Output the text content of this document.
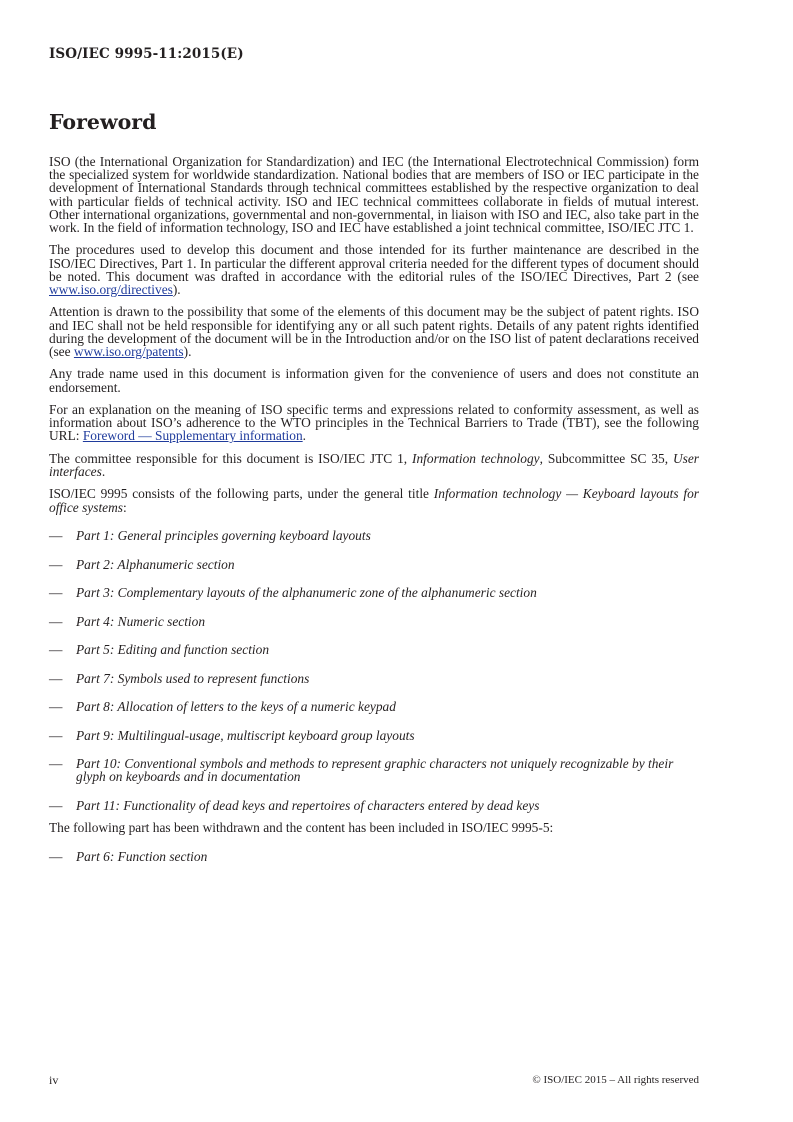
ISO/IEC 9995-11:2015(E)
Foreword

ISO (the International Organization for Standardization) and IEC (the International Electrotechnical Commission) form the specialized system for worldwide standardization. National bodies that are members of ISO or IEC participate in the development of International Standards through technical committees established by the respective organization to deal with particular fields of technical activity. ISO and IEC technical committees collaborate in fields of mutual interest. Other international organizations, governmental and non-governmental, in liaison with ISO and IEC, also take part in the work. In the field of information technology, ISO and IEC have established a joint technical committee, ISO/IEC JTC 1.

The procedures used to develop this document and those intended for its further maintenance are described in the ISO/IEC Directives, Part 1. In particular the different approval criteria needed for the different types of document should be noted. This document was drafted in accordance with the editorial rules of the ISO/IEC Directives, Part 2 (see www.iso.org/directives).

Attention is drawn to the possibility that some of the elements of this document may be the subject of patent rights. ISO and IEC shall not be held responsible for identifying any or all such patent rights. Details of any patent rights identified during the development of the document will be in the Introduction and/or on the ISO list of patent declarations received (see www.iso.org/patents).

Any trade name used in this document is information given for the convenience of users and does not constitute an endorsement.

For an explanation on the meaning of ISO specific terms and expressions related to conformity assessment, as well as information about ISO’s adherence to the WTO principles in the Technical Barriers to Trade (TBT), see the following URL: Foreword — Supplementary information.

The committee responsible for this document is ISO/IEC JTC 1, Information technology, Subcommittee SC 35, User interfaces.

ISO/IEC 9995 consists of the following parts, under the general title Information technology — Keyboard layouts for office systems:

— Part 1: General principles governing keyboard layouts
— Part 2: Alphanumeric section
— Part 3: Complementary layouts of the alphanumeric zone of the alphanumeric section
— Part 4: Numeric section
— Part 5: Editing and function section
— Part 7: Symbols used to represent functions
— Part 8: Allocation of letters to the keys of a numeric keypad
— Part 9: Multilingual-usage, multiscript keyboard group layouts
— Part 10: Conventional symbols and methods to represent graphic characters not uniquely recognizable by their glyph on keyboards and in documentation
— Part 11: Functionality of dead keys and repertoires of characters entered by dead keys

The following part has been withdrawn and the content has been included in ISO/IEC 9995-5:

— Part 6: Function section
iv	© ISO/IEC 2015 – All rights reserved
